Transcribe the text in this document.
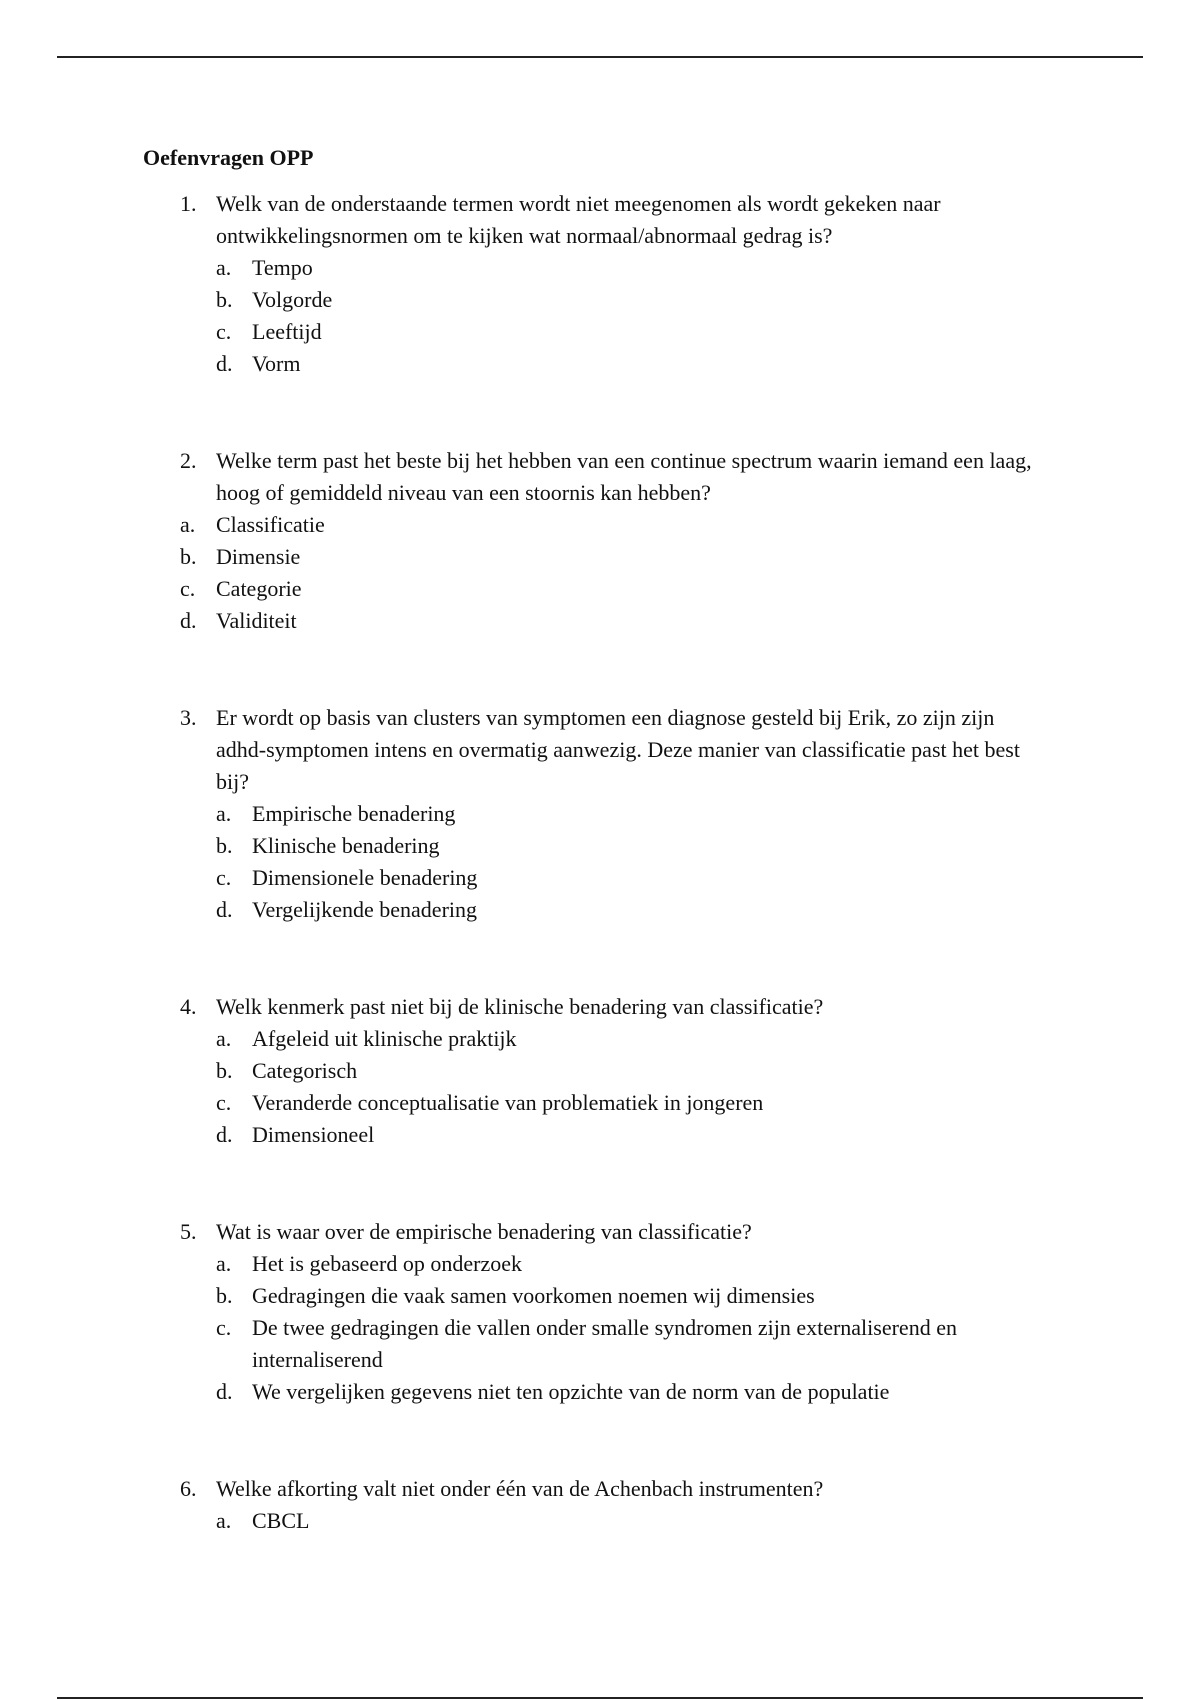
Oefenvragen OPP
1. Welk van de onderstaande termen wordt niet meegenomen als wordt gekeken naar ontwikkelingsnormen om te kijken wat normaal/abnormaal gedrag is?
a. Tempo
b. Volgorde
c. Leeftijd
d. Vorm
2. Welke term past het beste bij het hebben van een continue spectrum waarin iemand een laag, hoog of gemiddeld niveau van een stoornis kan hebben?
a. Classificatie
b. Dimensie
c. Categorie
d. Validiteit
3. Er wordt op basis van clusters van symptomen een diagnose gesteld bij Erik, zo zijn zijn adhd-symptomen intens en overmatig aanwezig. Deze manier van classificatie past het best bij?
a. Empirische benadering
b. Klinische benadering
c. Dimensionele benadering
d. Vergelijkende benadering
4. Welk kenmerk past niet bij de klinische benadering van classificatie?
a. Afgeleid uit klinische praktijk
b. Categorisch
c. Veranderde conceptualisatie van problematiek in jongeren
d. Dimensioneel
5. Wat is waar over de empirische benadering van classificatie?
a. Het is gebaseerd op onderzoek
b. Gedragingen die vaak samen voorkomen noemen wij dimensies
c. De twee gedragingen die vallen onder smalle syndromen zijn externaliserend en internaliserend
d. We vergelijken gegevens niet ten opzichte van de norm van de populatie
6. Welke afkorting valt niet onder één van de Achenbach instrumenten?
a. CBCL
